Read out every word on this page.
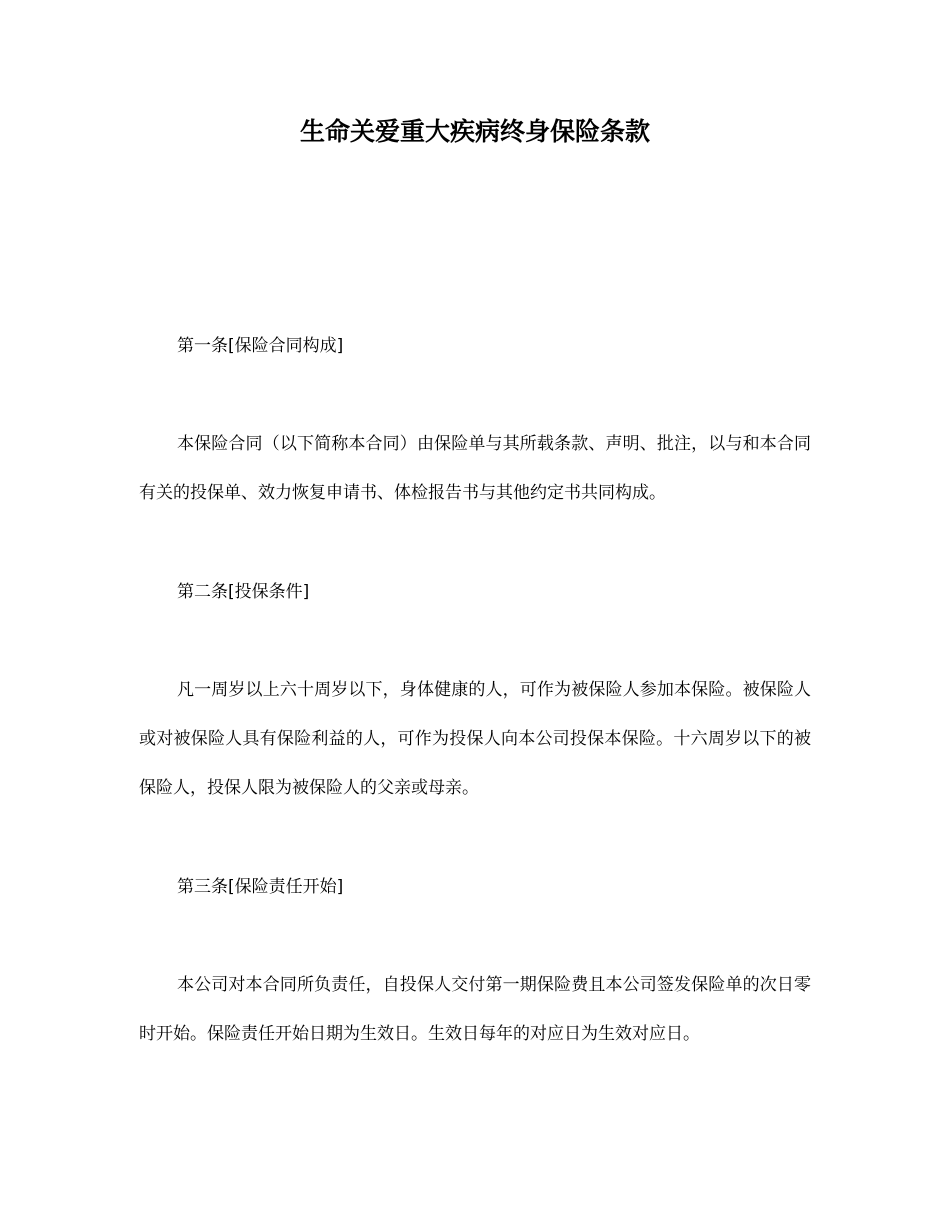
生命关爱重大疾病终身保险条款

第一条[保险合同构成]

本保险合同（以下简称本合同）由保险单与其所载条款、声明、批注，以与和本合同有关的投保单、效力恢复申请书、体检报告书与其他约定书共同构成。

第二条[投保条件]

凡一周岁以上六十周岁以下，身体健康的人，可作为被保险人参加本保险。被保险人或对被保险人具有保险利益的人，可作为投保人向本公司投保本保险。十六周岁以下的被保险人，投保人限为被保险人的父亲或母亲。

第三条[保险责任开始]

本公司对本合同所负责任，自投保人交付第一期保险费且本公司签发保险单的次日零时开始。保险责任开始日期为生效日。生效日每年的对应日为生效对应日。
